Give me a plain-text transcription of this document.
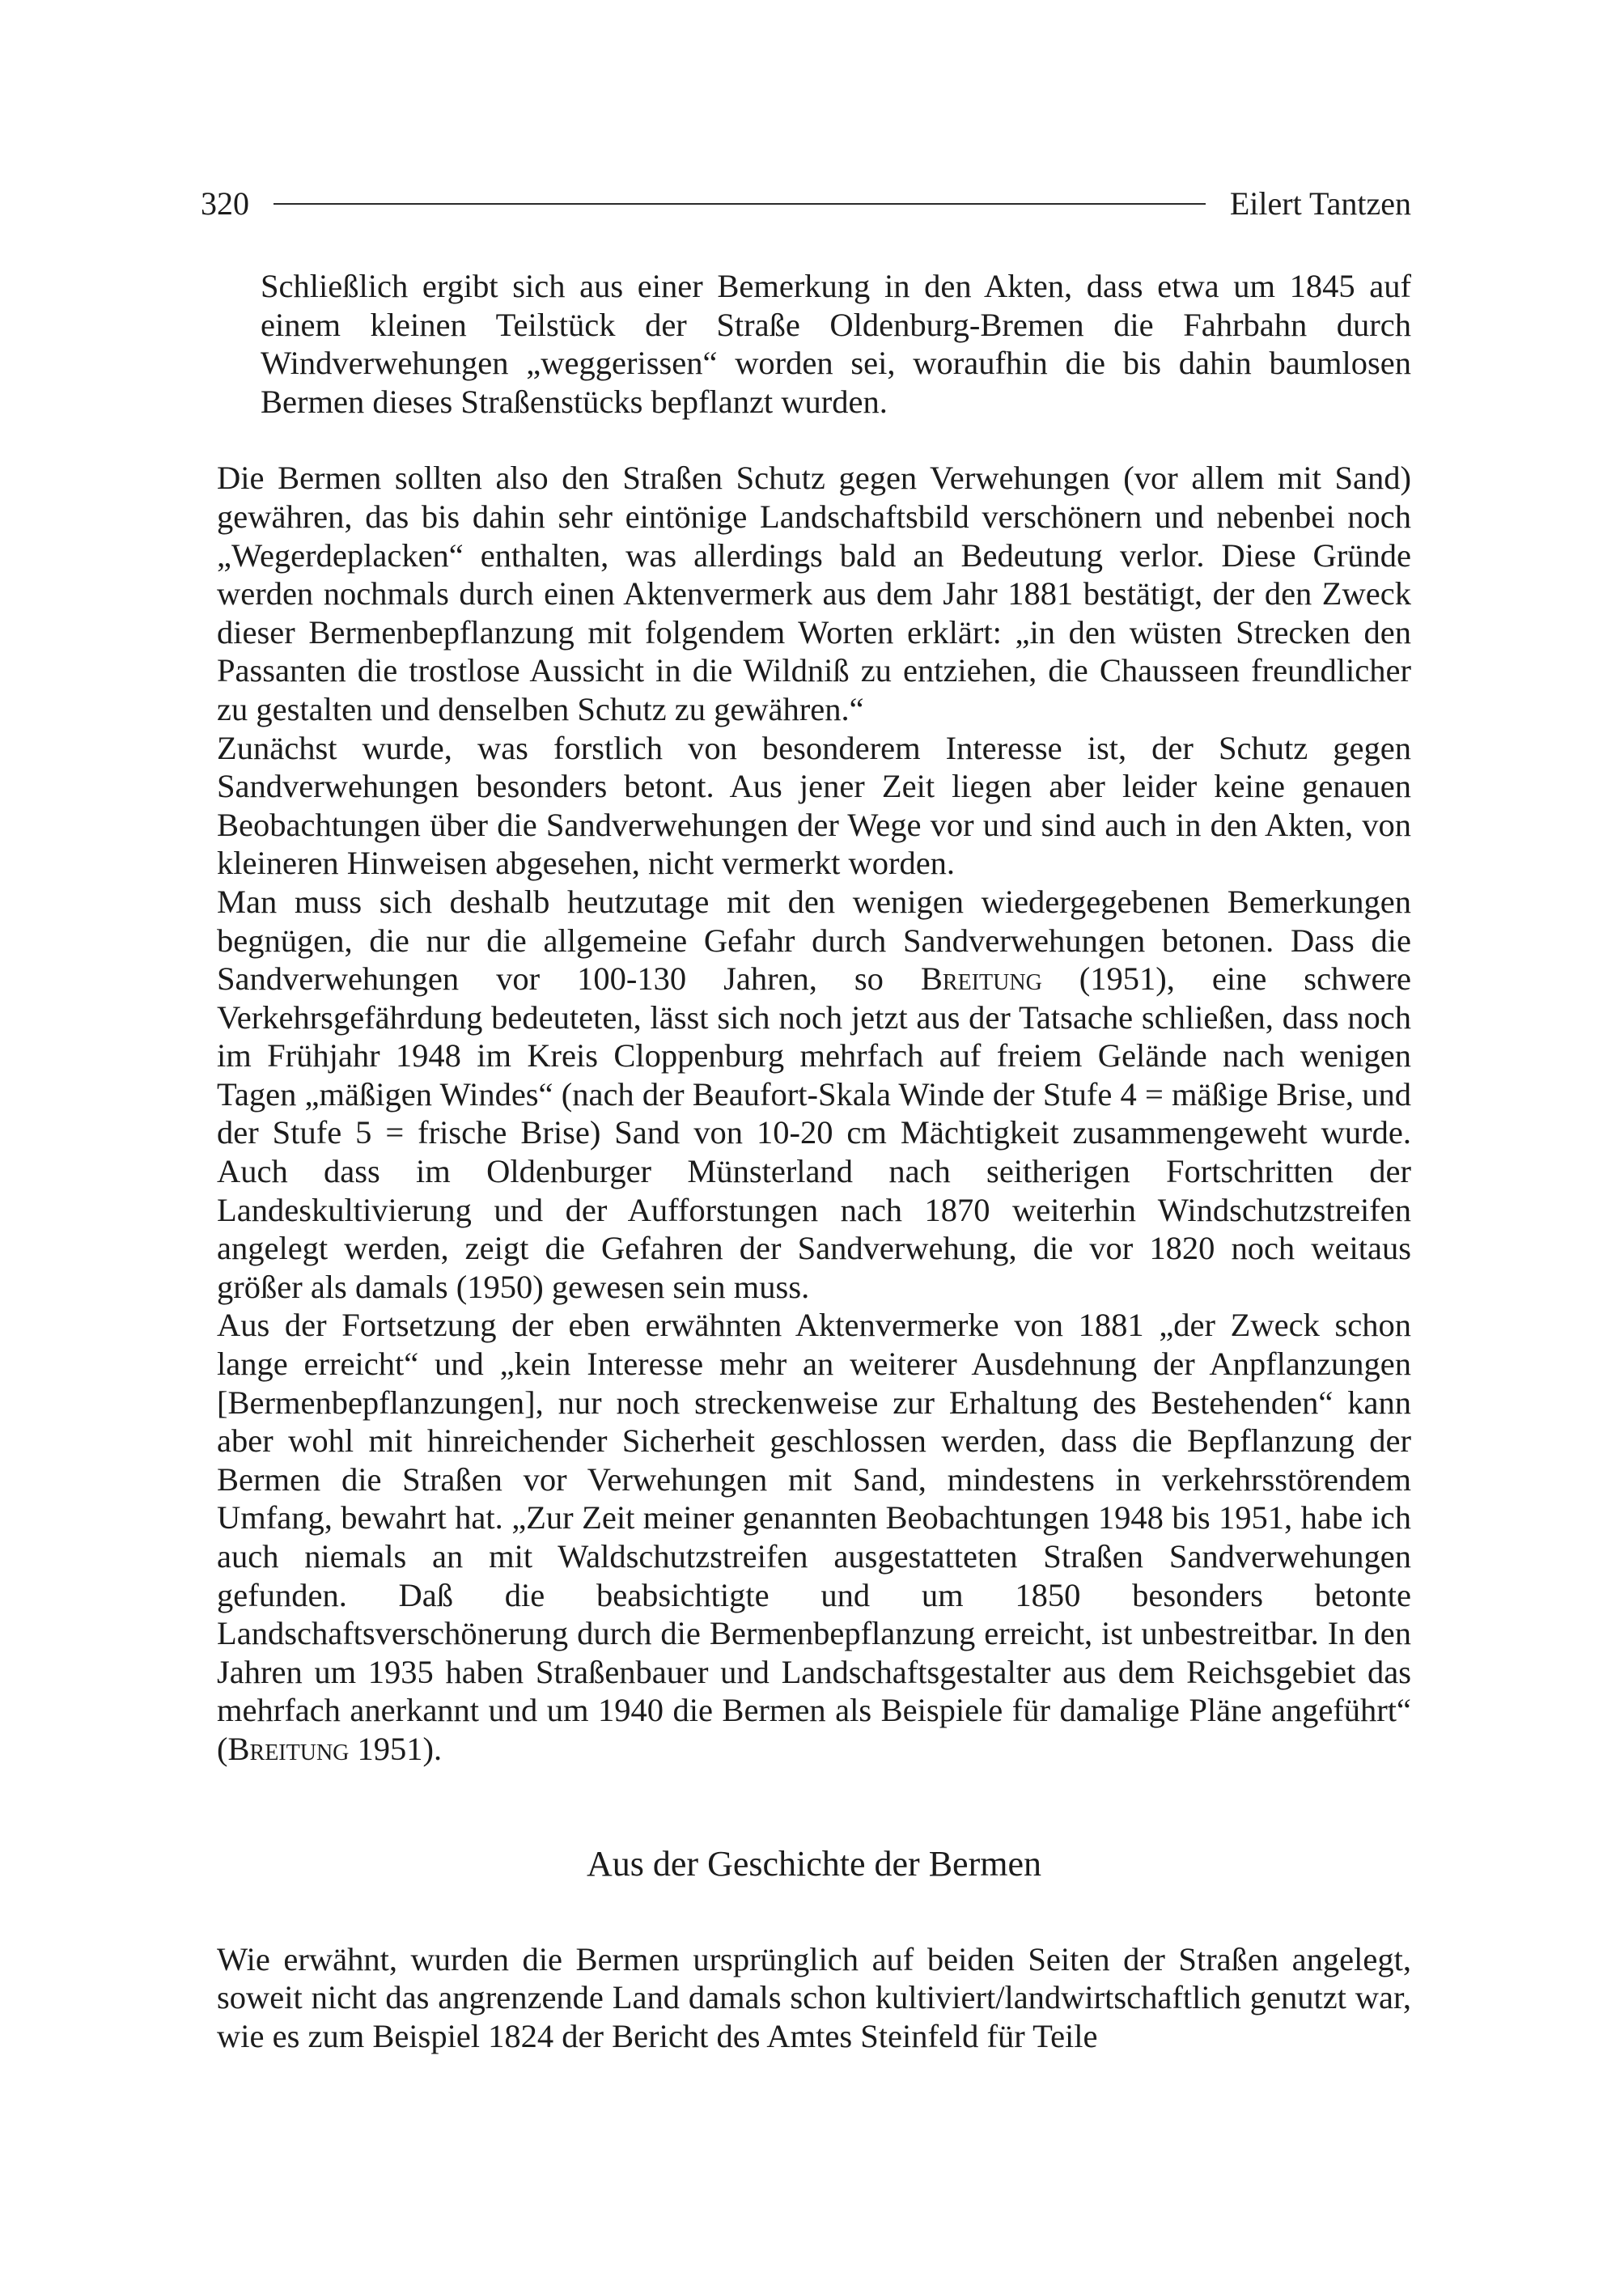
320	Eilert Tantzen

Schließlich ergibt sich aus einer Bemerkung in den Akten, dass etwa um 1845 auf einem kleinen Teilstück der Straße Oldenburg-Bremen die Fahrbahn durch Windverwehungen „weggerissen“ worden sei, woraufhin die bis dahin baumlosen Bermen dieses Straßenstücks bepflanzt wurden.

Die Bermen sollten also den Straßen Schutz gegen Verwehungen (vor allem mit Sand) gewähren, das bis dahin sehr eintönige Landschaftsbild verschönern und nebenbei noch „Wegerdeplacken“ enthalten, was allerdings bald an Bedeutung verlor. Diese Gründe werden nochmals durch einen Aktenvermerk aus dem Jahr 1881 bestätigt, der den Zweck dieser Bermenbepflanzung mit folgendem Worten erklärt: „in den wüsten Strecken den Passanten die trostlose Aussicht in die Wildniß zu entziehen, die Chausseen freundlicher zu gestalten und denselben Schutz zu gewähren.“

Zunächst wurde, was forstlich von besonderem Interesse ist, der Schutz gegen Sandverwehungen besonders betont. Aus jener Zeit liegen aber leider keine genauen Beobachtungen über die Sandverwehungen der Wege vor und sind auch in den Akten, von kleineren Hinweisen abgesehen, nicht vermerkt worden.

Man muss sich deshalb heutzutage mit den wenigen wiedergegebenen Bemerkungen begnügen, die nur die allgemeine Gefahr durch Sandverwehungen betonen. Dass die Sandverwehungen vor 100-130 Jahren, so Breitung (1951), eine schwere Verkehrsgefährdung bedeuteten, lässt sich noch jetzt aus der Tatsache schließen, dass noch im Frühjahr 1948 im Kreis Cloppenburg mehrfach auf freiem Gelände nach wenigen Tagen „mäßigen Windes“ (nach der Beaufort-Skala Winde der Stufe 4 = mäßige Brise, und der Stufe 5 = frische Brise) Sand von 10-20 cm Mächtigkeit zusammengeweht wurde. Auch dass im Oldenburger Münsterland nach seitherigen Fortschritten der Landeskultivierung und der Aufforstungen nach 1870 weiterhin Windschutzstreifen angelegt werden, zeigt die Gefahren der Sandverwehung, die vor 1820 noch weitaus größer als damals (1950) gewesen sein muss.

Aus der Fortsetzung der eben erwähnten Aktenvermerke von 1881 „der Zweck schon lange erreicht“ und „kein Interesse mehr an weiterer Ausdehnung der Anpflanzungen [Bermenbepflanzungen], nur noch streckenweise zur Erhaltung des Bestehenden“ kann aber wohl mit hinreichender Sicherheit geschlossen werden, dass die Bepflanzung der Bermen die Straßen vor Verwehungen mit Sand, mindestens in verkehrsstörendem Umfang, bewahrt hat. „Zur Zeit meiner genannten Beobachtungen 1948 bis 1951, habe ich auch niemals an mit Waldschutzstreifen ausgestatteten Straßen Sandverwehungen gefunden. Daß die beabsichtigte und um 1850 besonders betonte Landschaftsverschönerung durch die Bermenbepflanzung erreicht, ist unbestreitbar. In den Jahren um 1935 haben Straßenbauer und Landschaftsgestalter aus dem Reichsgebiet das mehrfach anerkannt und um 1940 die Bermen als Beispiele für damalige Pläne angeführt“ (Breitung 1951).

Aus der Geschichte der Bermen

Wie erwähnt, wurden die Bermen ursprünglich auf beiden Seiten der Straßen angelegt, soweit nicht das angrenzende Land damals schon kultiviert/landwirtschaftlich genutzt war, wie es zum Beispiel 1824 der Bericht des Amtes Steinfeld für Teile
